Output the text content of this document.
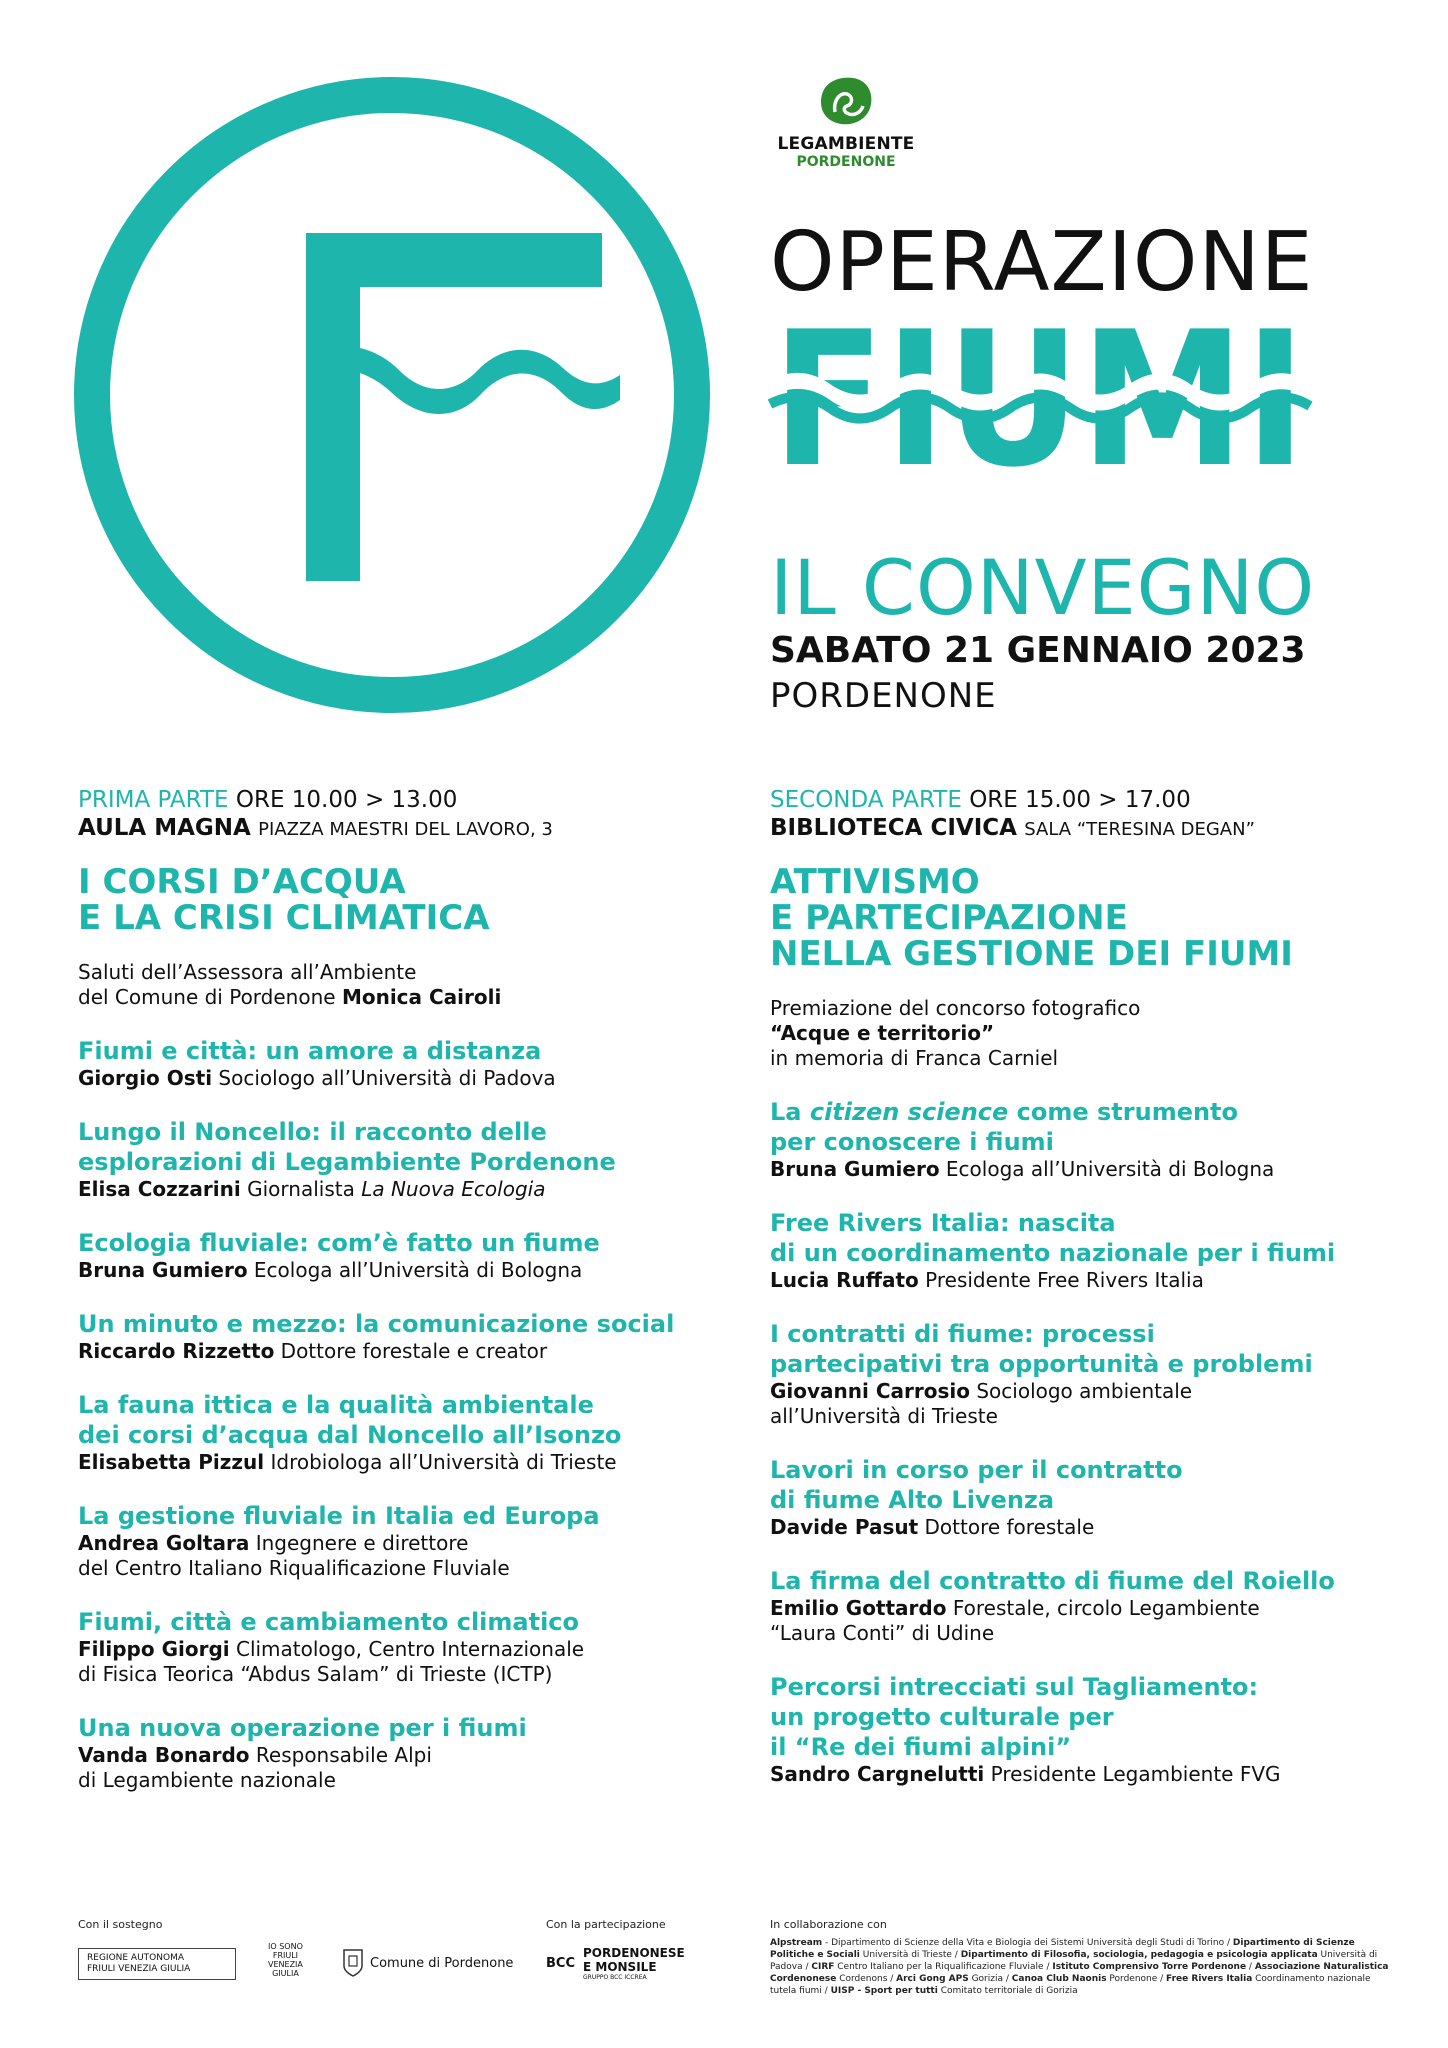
LEGAMBIENTE
PORDENONE
OPERAZIONE
FIUMI
IL CONVEGNO
SABATO 21 GENNAIO 2023
PORDENONE
PRIMA PARTE ORE 10.00 > 13.00
AULA MAGNA PIAZZA MAESTRI DEL LAVORO, 3
I CORSI D’ACQUA
E LA CRISI CLIMATICA
Saluti dell’Assessora all’Ambiente
del Comune di Pordenone Monica Cairoli
Fiumi e città: un amore a distanza
Giorgio Osti Sociologo all’Università di Padova
Lungo il Noncello: il racconto delle
esplorazioni di Legambiente Pordenone
Elisa Cozzarini Giornalista La Nuova Ecologia
Ecologia fluviale: com’è fatto un fiume
Bruna Gumiero Ecologa all’Università di Bologna
Un minuto e mezzo: la comunicazione social
Riccardo Rizzetto Dottore forestale e creator
La fauna ittica e la qualità ambientale
dei corsi d’acqua dal Noncello all’Isonzo
Elisabetta Pizzul Idrobiologa all’Università di Trieste
La gestione fluviale in Italia ed Europa
Andrea Goltara Ingegnere e direttore
del Centro Italiano Riqualificazione Fluviale
Fiumi, città e cambiamento climatico
Filippo Giorgi Climatologo, Centro Internazionale
di Fisica Teorica “Abdus Salam” di Trieste (ICTP)
Una nuova operazione per i fiumi
Vanda Bonardo Responsabile Alpi
di Legambiente nazionale
SECONDA PARTE ORE 15.00 > 17.00
BIBLIOTECA CIVICA SALA “TERESINA DEGAN”
ATTIVISMO
E PARTECIPAZIONE
NELLA GESTIONE DEI FIUMI
Premiazione del concorso fotografico
“Acque e territorio”
in memoria di Franca Carniel
La citizen science come strumento
per conoscere i fiumi
Bruna Gumiero Ecologa all’Università di Bologna
Free Rivers Italia: nascita
di un coordinamento nazionale per i fiumi
Lucia Ruffato Presidente Free Rivers Italia
I contratti di fiume: processi
partecipativi tra opportunità e problemi
Giovanni Carrosio Sociologo ambientale
all’Università di Trieste
Lavori in corso per il contratto
di fiume Alto Livenza
Davide Pasut Dottore forestale
La firma del contratto di fiume del Roiello
Emilio Gottardo Forestale, circolo Legambiente
“Laura Conti” di Udine
Percorsi intrecciati sul Tagliamento:
un progetto culturale per
il “Re dei fiumi alpini”
Sandro Cargnelutti Presidente Legambiente FVG
Con il sostegno
REGIONE AUTONOMA
FRIULI VENEZIA GIULIA
IO SONO
FRIULI
VENEZIA
GIULIA
Comune di Pordenone
Con la partecipazione
BCC
PORDENONESE
E MONSILE
GRUPPO BCC ICCREA
In collaborazione con
Alpstream - Dipartimento di Scienze della Vita e Biologia dei Sistemi Università degli Studi di Torino / Dipartimento di Scienze Politiche e Sociali Università di Trieste / Dipartimento di Filosofia, sociologia, pedagogia e psicologia applicata Università di Padova / CIRF Centro Italiano per la Riqualificazione Fluviale / Istituto Comprensivo Torre Pordenone / Associazione Naturalistica Cordenonese Cordenons / Arci Gong APS Gorizia / Canoa Club Naonis Pordenone / Free Rivers Italia Coordinamento nazionale tutela fiumi / UISP - Sport per tutti Comitato territoriale di Gorizia
